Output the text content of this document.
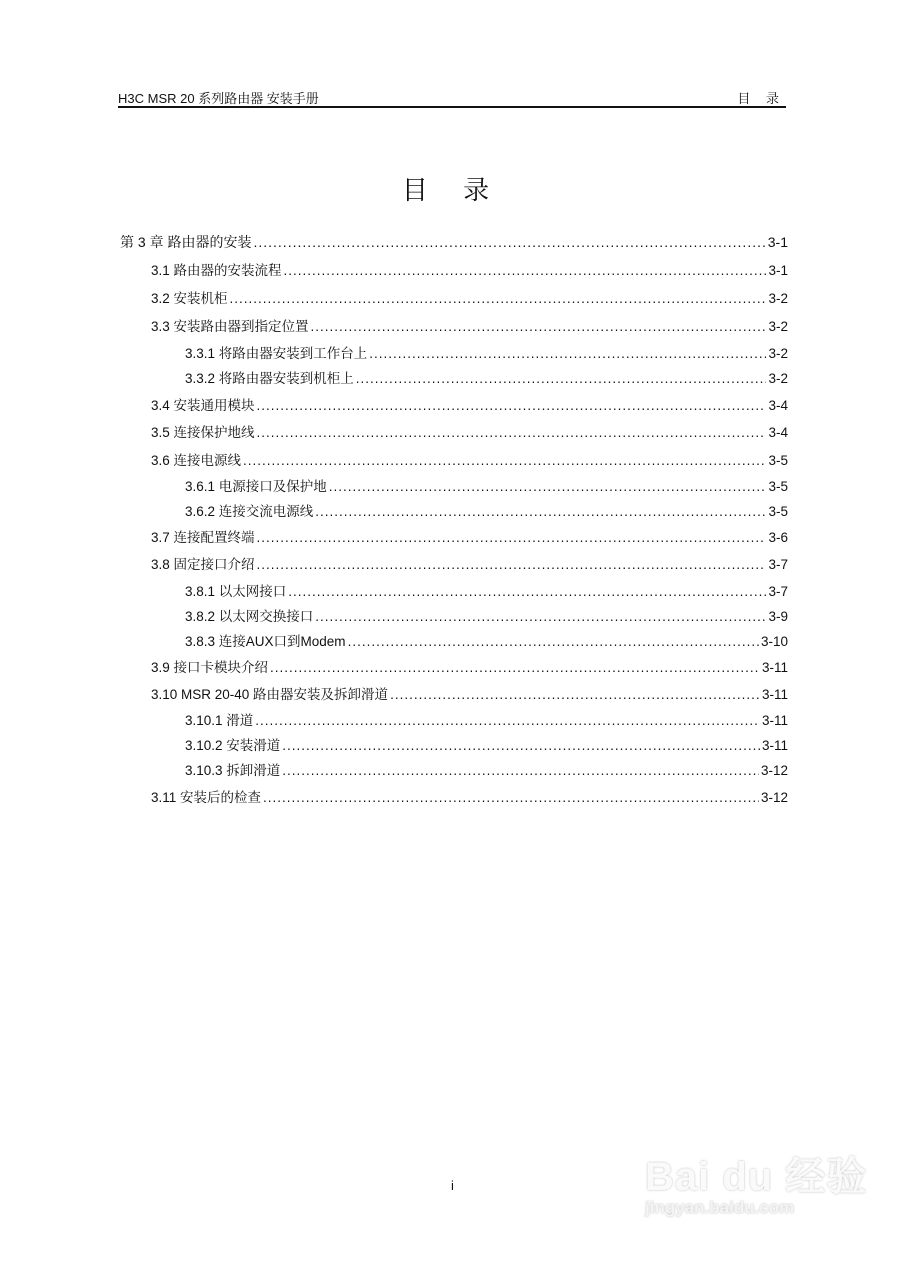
H3C MSR 20 系列路由器 安装手册	目 录
目 录
第 3 章 路由器的安装 .....	3-1
3.1 路由器的安装流程 .....	3-1
3.2 安装机柜 .....	3-2
3.3 安装路由器到指定位置 .....	3-2
3.3.1 将路由器安装到工作台上 .....	3-2
3.3.2 将路由器安装到机柜上 .....	3-2
3.4 安装通用模块 .....	3-4
3.5 连接保护地线 .....	3-4
3.6 连接电源线 .....	3-5
3.6.1 电源接口及保护地 .....	3-5
3.6.2 连接交流电源线 .....	3-5
3.7 连接配置终端 .....	3-6
3.8 固定接口介绍 .....	3-7
3.8.1 以太网接口 .....	3-7
3.8.2 以太网交换接口 .....	3-9
3.8.3 连接AUX口到Modem .....	3-10
3.9 接口卡模块介绍 .....	3-11
3.10 MSR 20-40 路由器安装及拆卸滑道 .....	3-11
3.10.1 滑道 .....	3-11
3.10.2 安装滑道 .....	3-11
3.10.3 拆卸滑道 .....	3-12
3.11 安装后的检查 .....	3-12
i	Bai du 经验
jingyan.baidu.com
